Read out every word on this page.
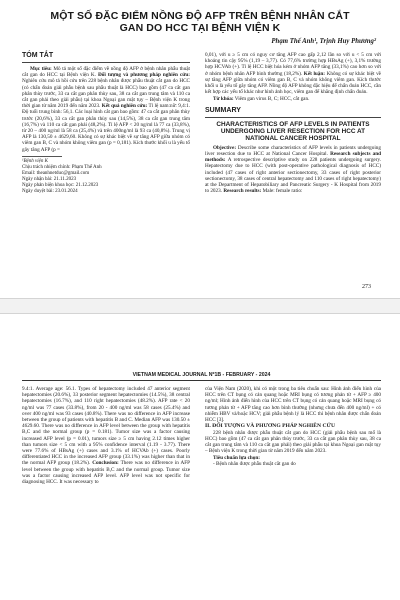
MỘT SỐ ĐẶC ĐIỂM NỒNG ĐỘ AFP TRÊN BỆNH NHÂN CẮT GAN DO HCC TẠI BỆNH VIỆN K

Phạm Thế Anh¹, Trịnh Huy Phương²

TÓM TẮT

Mục tiêu: Mô tả một số đặc điểm về nồng độ AFP ở bệnh nhân phẫu thuật cắt gan do HCC tại Bệnh viện K. Đối tượng và phương pháp nghiên cứu: Nghiên cứu mô tả hồi cứu trên 228 bệnh nhân được phẫu thuật cắt gan do HCC (có chẩn đoán giải phẫu bệnh sau phẫu thuật là HCC) bao gồm (47 ca cắt gan phân thùy trước, 33 ca cắt gan phân thùy sau, 38 ca cắt gan trung tâm và 110 ca cắt gan phải theo giải phẫu) tại khoa Ngoại gan mật tụy – Bệnh viện K trong thời gian từ năm 2019 đến năm 2023. Kết quả nghiên cứu: Tỉ lệ nam:nữ: 9,4:1. Độ tuổi trung bình: 56,1. Các loại hình cắt gan bao gồm: 47 ca cắt gan phân thùy trước (20,6%), 33 ca cắt gan phân thùy sau (14,5%), 38 ca cắt gan trung tâm (16,7%) và 110 ca cắt gan phải (48,2%). Tỉ lệ AFP < 20 ng/ml là 77 ca (33,8%), từ 20 – 400 ng/ml là 58 ca (25,4%) và trên 400ng/ml là 93 ca (40,8%). Trung vị AFP là 130,50 ± 4629,60. Không có sự khác biệt về sự tăng AFP giữa nhóm có viêm gan B, C và nhóm không viêm gan (p = 0,181). Kích thước khối u là yếu tố gây tăng AFP (p =

¹Bệnh viện K

Chịu trách nhiệm chính: Phạm Thế Anh

Email: theanhnetduc@gmail.com

Ngày nhận bài: 21.11.2023

Ngày phản biện khoa học: 21.12.2023

Ngày duyệt bài: 23.01.2024

0,01), với u ≥ 5 cm có nguy cơ tăng AFP cao gấp 2,12 lần so với u < 5 cm với khoảng tin cậy 95% (1,19 – 3,77). Có 77,6% trường hợp HBsAg (+), 3,1% trường hợp HCVAb (+). Tỉ lệ HCC biệt hóa kém ở nhóm AFP tăng (33,1%) cao hơn so với ở nhóm bệnh nhân AFP bình thường (18,2%). Kết luận: Không có sự khác biệt về sự tăng AFP giữa nhóm có viêm gan B, C và nhóm không viêm gan. Kích thước khối u là yếu tố gây tăng AFP. Nồng độ AFP không đặc hiệu để chẩn đoán HCC, cần kết hợp các yếu tố khác như hình ảnh học, viêm gan để khẳng định chẩn đoán.

Từ khóa: Viêm gan virus B, C; HCC, cắt gan.

SUMMARY

CHARACTERISTICS OF AFP LEVELS IN PATIENTS UNDERGOING LIVER RESECTION FOR HCC AT NATIONAL CANCER HOSPITAL

Objective: Describe some characteristics of AFP levels in patients undergoing liver resection due to HCC at National Cancer Hospital. Research subjects and methods: A retrospective descriptive study on 228 patients undergoing surgery. Hepatectomy due to HCC (with post-operative pathological diagnosis of HCC) included (47 cases of right anterior sectionectomy, 33 cases of right posterior sectionectomy, 38 cases of central hepatectomy and 110 cases of right hepatectomy) at the Department of Hepatobiliary and Pancreatic Surgery - K Hospital from 2019 to 2023. Research results: Male: female ratio:

273

VIETNAM MEDICAL JOURNAL Nº1B - FEBRUARY - 2024

9.4:1. Average age: 56.1. Types of hepatectomy included 47 anterior segment hepatectomies (20.6%), 33 posterior segment hepatectomies (14.5%), 38 central hepatectomies (16.7%), and 110 right hepatectomies (48.2%). AFP rate < 20 ng/ml was 77 cases (33.8%), from 20 - 400 ng/ml was 58 cases (25.4%) and over 400 ng/ml was 93 cases (40.8%). There was no difference in AFP increase between the group of patients with hepatitis B and C. Median AFP was 130.50 ± 4629.60. There was no difference in AFP level between the group with hepatitis B,C and the normal group (p = 0.181). Tumor size was a factor causing increased AFP level (p = 0.01), tumors size ≥ 5 cm having 2.12 times higher than tumors size < 5 cm with a 95% confidence interval (1.19 - 3.77). There were 77.6% of HBsAg (+) cases and 3.1% of HCVAb (+) cases. Poorly differentiated HCC in the increased AFP group (33.1%) was higher than that in the normal AFP group (18.2%). Conclusion: There was no difference in AFP level between the group with hepatitis B,C and the normal group. Tumor size was a factor causing increased AFP level. AFP level was not specific for diagnosing HCC. It was necessary to

của Viện Nam (2020), khi có một trong ba tiêu chuẩn sau: Hình ảnh điển hình của HCC trên CT bụng có cản quang hoặc MRI bụng có tương phản từ + AFP ≥ 400 ng/ml; Hình ảnh điển hình của HCC trên CT bụng có cản quang hoặc MRI bụng có tương phản từ + AFP tăng cao hơn bình thường (nhưng chưa đến 400 ng/ml) + có nhiễm HBV và/hoặc HCV; giải phẫu bệnh lý là HCC thì bệnh nhân được chẩn đoán HCC [3].

II. ĐỐI TƯỢNG VÀ PHƯƠNG PHÁP NGHIÊN CỨU

228 bệnh nhân được phẫu thuật cắt gan do HCC (giải phẫu bệnh sau mổ là HCC) bao gồm (47 ca cắt gan phân thùy trước, 33 ca cắt gan phân thùy sau, 38 ca cắt gan trung tâm và 110 ca cắt gan phải) theo giải phẫu tại khoa Ngoại gan mật tụy – Bệnh viện K trong thời gian từ năm 2019 đến năm 2023.

Tiêu chuẩn lựa chọn:

- Bệnh nhân được phẫu thuật cắt gan do
